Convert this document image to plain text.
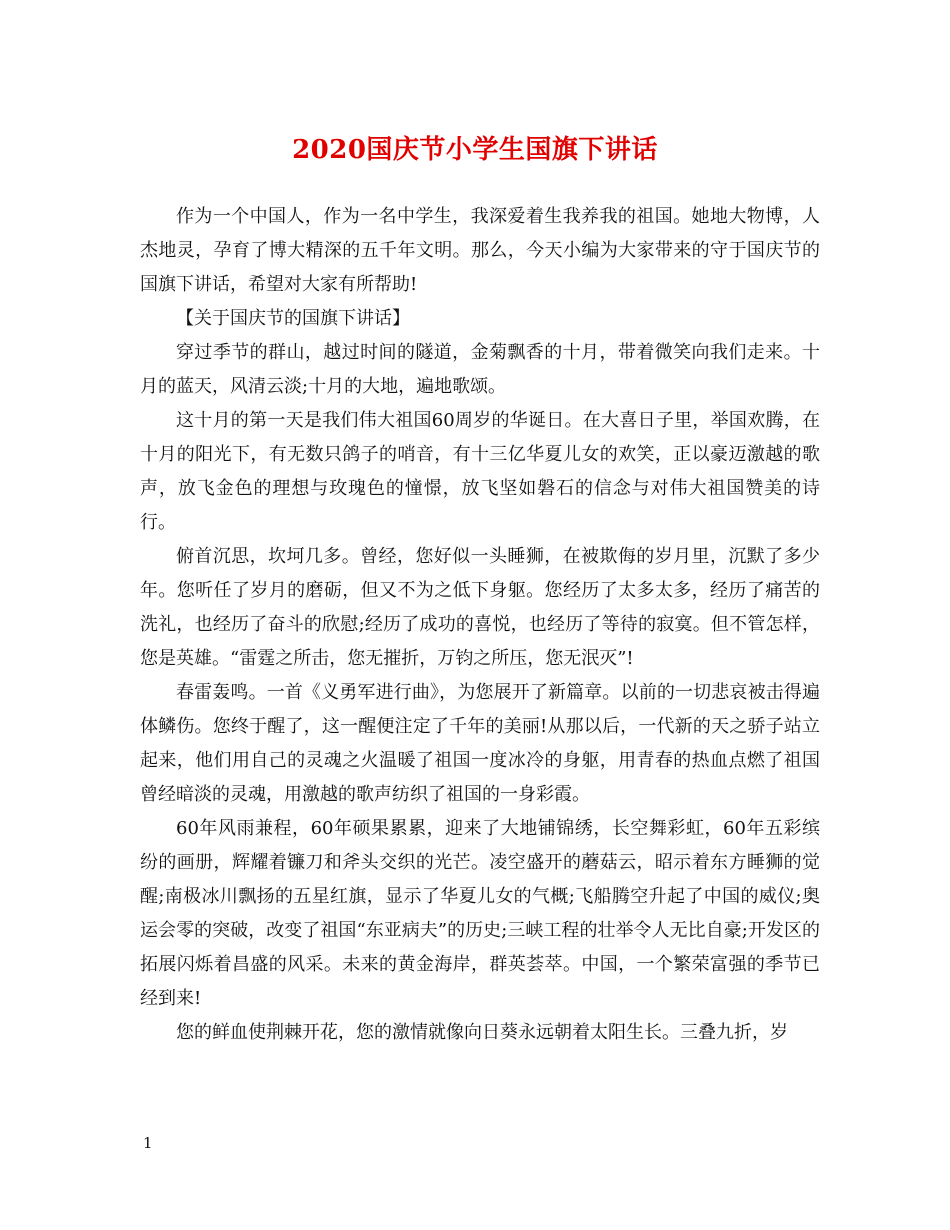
2020国庆节小学生国旗下讲话

作为一个中国人，作为一名中学生，我深爱着生我养我的祖国。她地大物博，人杰地灵，孕育了博大精深的五千年文明。那么，今天小编为大家带来的守于国庆节的国旗下讲话，希望对大家有所帮助!

【关于国庆节的国旗下讲话】

穿过季节的群山，越过时间的隧道，金菊飘香的十月，带着微笑向我们走来。十月的蓝天，风清云淡;十月的大地，遍地歌颂。

这十月的第一天是我们伟大祖国60周岁的华诞日。在大喜日子里，举国欢腾，在十月的阳光下，有无数只鸽子的哨音，有十三亿华夏儿女的欢笑，正以豪迈激越的歌声，放飞金色的理想与玫瑰色的憧憬，放飞坚如磐石的信念与对伟大祖国赞美的诗行。

俯首沉思，坎坷几多。曾经，您好似一头睡狮，在被欺侮的岁月里，沉默了多少年。您听任了岁月的磨砺，但又不为之低下身躯。您经历了太多太多，经历了痛苦的洗礼，也经历了奋斗的欣慰;经历了成功的喜悦，也经历了等待的寂寞。但不管怎样，您是英雄。“雷霆之所击，您无摧折，万钧之所压，您无泯灭”!

春雷轰鸣。一首《义勇军进行曲》，为您展开了新篇章。以前的一切悲哀被击得遍体鳞伤。您终于醒了，这一醒便注定了千年的美丽!从那以后，一代新的天之骄子站立起来，他们用自己的灵魂之火温暖了祖国一度冰冷的身躯，用青春的热血点燃了祖国曾经暗淡的灵魂，用激越的歌声纺织了祖国的一身彩霞。

60年风雨兼程，60年硕果累累，迎来了大地铺锦绣，长空舞彩虹，60年五彩缤纷的画册，辉耀着镰刀和斧头交织的光芒。凌空盛开的蘑菇云，昭示着东方睡狮的觉醒;南极冰川飘扬的五星红旗，显示了华夏儿女的气概;飞船腾空升起了中国的威仪;奥运会零的突破，改变了祖国“东亚病夫”的历史;三峡工程的壮举令人无比自豪;开发区的拓展闪烁着昌盛的风采。未来的黄金海岸，群英荟萃。中国，一个繁荣富强的季节已经到来!

您的鲜血使荆棘开花，您的激情就像向日葵永远朝着太阳生长。三叠九折，岁

1
